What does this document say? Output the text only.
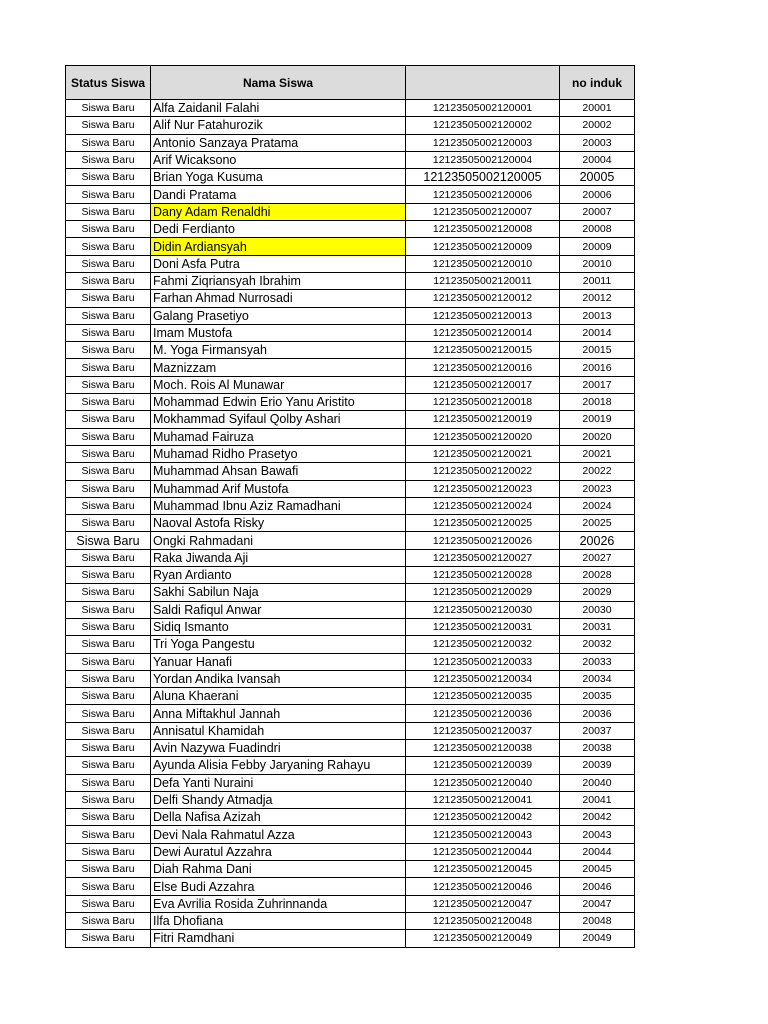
Status Siswa	Nama Siswa		no induk
Siswa Baru	Alfa Zaidanil Falahi	12123505002120001	20001
Siswa Baru	Alif Nur Fatahurozik	12123505002120002	20002
Siswa Baru	Antonio Sanzaya Pratama	12123505002120003	20003
Siswa Baru	Arif Wicaksono	12123505002120004	20004
Siswa Baru	Brian Yoga Kusuma	12123505002120005	20005
Siswa Baru	Dandi Pratama	12123505002120006	20006
Siswa Baru	Dany Adam Renaldhi	12123505002120007	20007
Siswa Baru	Dedi Ferdianto	12123505002120008	20008
Siswa Baru	Didin Ardiansyah	12123505002120009	20009
Siswa Baru	Doni Asfa Putra	12123505002120010	20010
Siswa Baru	Fahmi Ziqriansyah Ibrahim	12123505002120011	20011
Siswa Baru	Farhan Ahmad Nurrosadi	12123505002120012	20012
Siswa Baru	Galang Prasetiyo	12123505002120013	20013
Siswa Baru	Imam Mustofa	12123505002120014	20014
Siswa Baru	M. Yoga Firmansyah	12123505002120015	20015
Siswa Baru	Maznizzam	12123505002120016	20016
Siswa Baru	Moch. Rois Al Munawar	12123505002120017	20017
Siswa Baru	Mohammad Edwin Erio Yanu Aristito	12123505002120018	20018
Siswa Baru	Mokhammad Syifaul Qolby Ashari	12123505002120019	20019
Siswa Baru	Muhamad Fairuza	12123505002120020	20020
Siswa Baru	Muhamad Ridho Prasetyo	12123505002120021	20021
Siswa Baru	Muhammad Ahsan Bawafi	12123505002120022	20022
Siswa Baru	Muhammad Arif Mustofa	12123505002120023	20023
Siswa Baru	Muhammad Ibnu Aziz Ramadhani	12123505002120024	20024
Siswa Baru	Naoval Astofa Risky	12123505002120025	20025
Siswa Baru	Ongki Rahmadani	12123505002120026	20026
Siswa Baru	Raka Jiwanda Aji	12123505002120027	20027
Siswa Baru	Ryan Ardianto	12123505002120028	20028
Siswa Baru	Sakhi Sabilun Naja	12123505002120029	20029
Siswa Baru	Saldi Rafiqul Anwar	12123505002120030	20030
Siswa Baru	Sidiq Ismanto	12123505002120031	20031
Siswa Baru	Tri Yoga Pangestu	12123505002120032	20032
Siswa Baru	Yanuar Hanafi	12123505002120033	20033
Siswa Baru	Yordan Andika Ivansah	12123505002120034	20034
Siswa Baru	Aluna Khaerani	12123505002120035	20035
Siswa Baru	Anna Miftakhul Jannah	12123505002120036	20036
Siswa Baru	Annisatul Khamidah	12123505002120037	20037
Siswa Baru	Avin Nazywa Fuadindri	12123505002120038	20038
Siswa Baru	Ayunda Alisia Febby Jaryaning Rahayu	12123505002120039	20039
Siswa Baru	Defa Yanti Nuraini	12123505002120040	20040
Siswa Baru	Delfi Shandy Atmadja	12123505002120041	20041
Siswa Baru	Della Nafisa Azizah	12123505002120042	20042
Siswa Baru	Devi Nala Rahmatul Azza	12123505002120043	20043
Siswa Baru	Dewi Auratul Azzahra	12123505002120044	20044
Siswa Baru	Diah Rahma Dani	12123505002120045	20045
Siswa Baru	Else Budi Azzahra	12123505002120046	20046
Siswa Baru	Eva Avrilia Rosida Zuhrinnanda	12123505002120047	20047
Siswa Baru	Ilfa Dhofiana	12123505002120048	20048
Siswa Baru	Fitri Ramdhani	12123505002120049	20049
